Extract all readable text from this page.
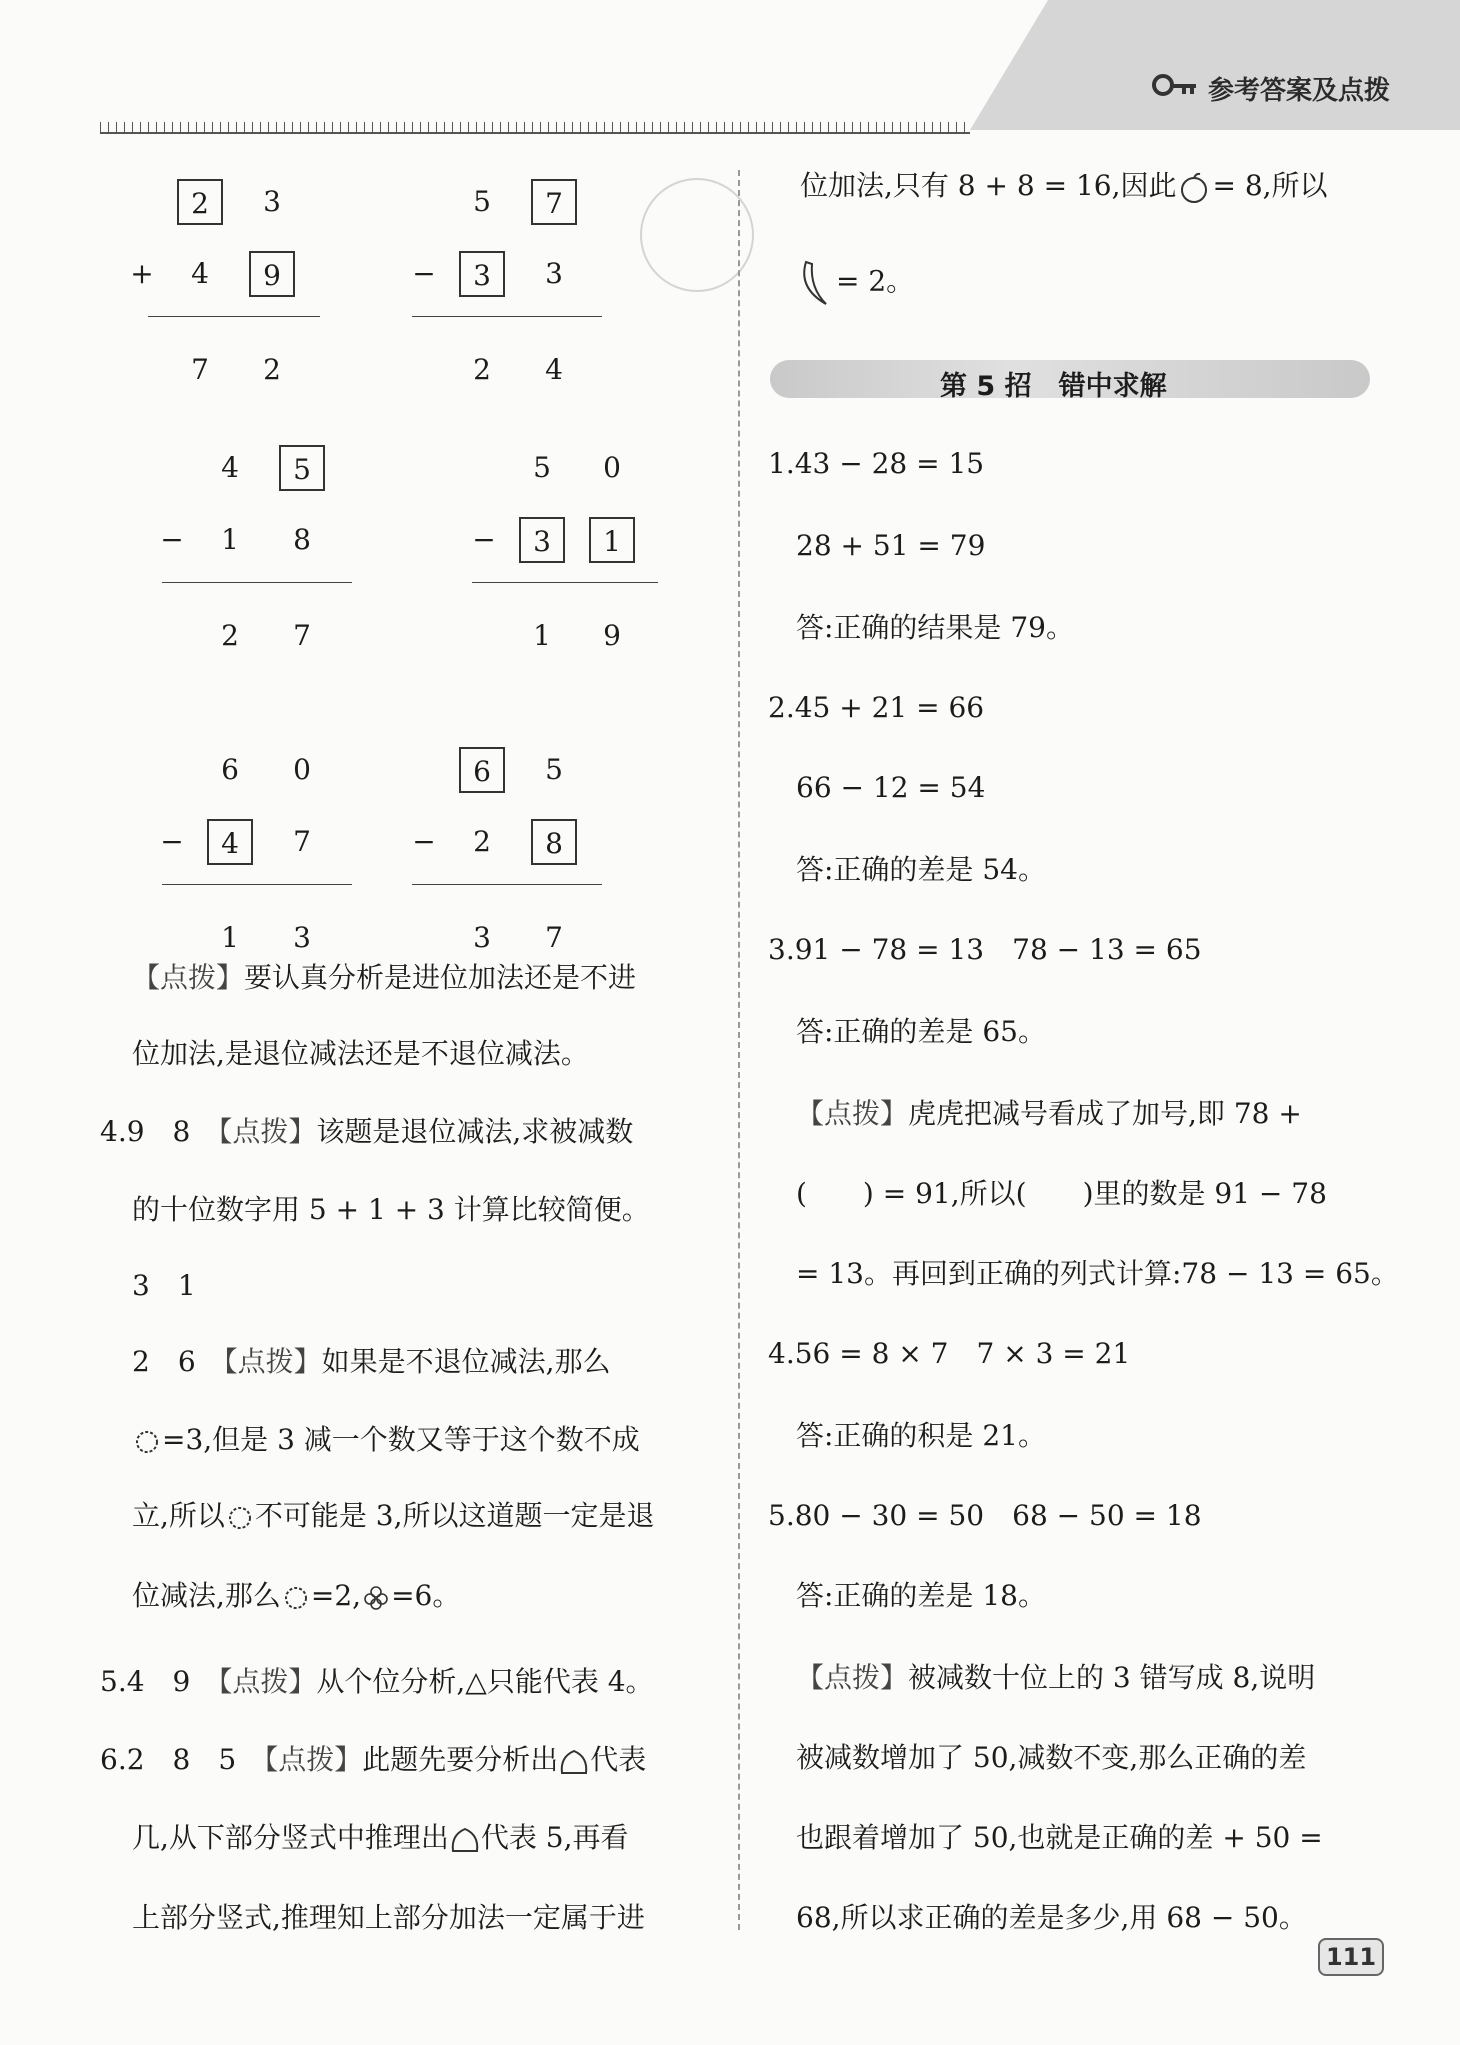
参考答案及点拨
2	3
+	4	9
7	2
5	7
−	3	3
2	4
4	5
−	1	8
2	7
5	0
−	3	1
1	9
6	0
−	4	7
1	3
6	5
−	2	8
3	7
【点拨】要认真分析是进位加法还是不进
位加法,是退位减法还是不退位减法。
4.9　8　 【点拨】该题是退位减法,求被减数
的十位数字用 5 + 1 + 3 计算比较简便。
3　1
2　6　 【点拨】如果是不退位减法,那么
=3,但是 3 减一个数又等于这个数不成
立,所以 不可能是 3,所以这道题一定是退
位减法,那么 =2, =6。
5.4　9　 【点拨】从个位分析,△只能代表 4。
6.2　8　5　 【点拨】此题先要分析出 代表
几,从下部分竖式中推理出 代表 5,再看
上部分竖式,推理知上部分加法一定属于进
位加法,只有 8 + 8 = 16,因此 = 8,所以
= 2。
第 5 招　错中求解
1.43 − 28 = 15
28 + 51 = 79
答:正确的结果是 79。
2.45 + 21 = 66
66 − 12 = 54
答:正确的差是 54。
3.91 − 78 = 13　78 − 13 = 65
答:正确的差是 65。
【点拨】虎虎把减号看成了加号,即 78 +
(　　) = 91,所以(　　)里的数是 91 − 78
= 13。再回到正确的列式计算:78 − 13 = 65。
4.56 = 8 × 7　7 × 3 = 21
答:正确的积是 21。
5.80 − 30 = 50　68 − 50 = 18
答:正确的差是 18。
【点拨】被减数十位上的 3 错写成 8,说明
被减数增加了 50,减数不变,那么正确的差
也跟着增加了 50,也就是正确的差 + 50 =
68,所以求正确的差是多少,用 68 − 50。
111
